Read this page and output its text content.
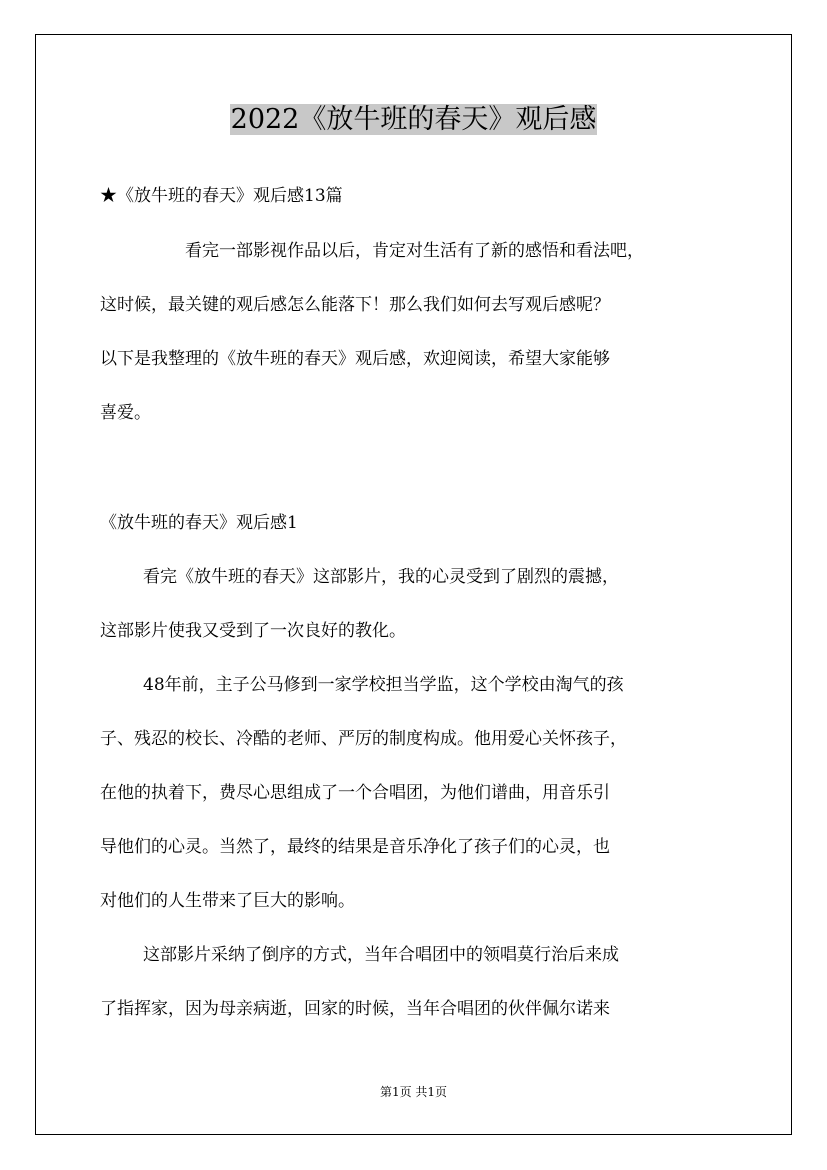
2022《放牛班的春天》观后感
★《放牛班的春天》观后感13篇
看完一部影视作品以后，肯定对生活有了新的感悟和看法吧，
这时候，最关键的观后感怎么能落下！那么我们如何去写观后感呢？
以下是我整理的《放牛班的春天》观后感，欢迎阅读，希望大家能够
喜爱。
《放牛班的春天》观后感1
看完《放牛班的春天》这部影片，我的心灵受到了剧烈的震撼，
这部影片使我又受到了一次良好的教化。
48年前，主子公马修到一家学校担当学监，这个学校由淘气的孩
子、残忍的校长、冷酷的老师、严厉的制度构成。他用爱心关怀孩子，
在他的执着下，费尽心思组成了一个合唱团，为他们谱曲，用音乐引
导他们的心灵。当然了，最终的结果是音乐净化了孩子们的心灵，也
对他们的人生带来了巨大的影响。
这部影片采纳了倒序的方式，当年合唱团中的领唱莫行治后来成
了指挥家，因为母亲病逝，回家的时候，当年合唱团的伙伴佩尔诺来
第1页 共1页
